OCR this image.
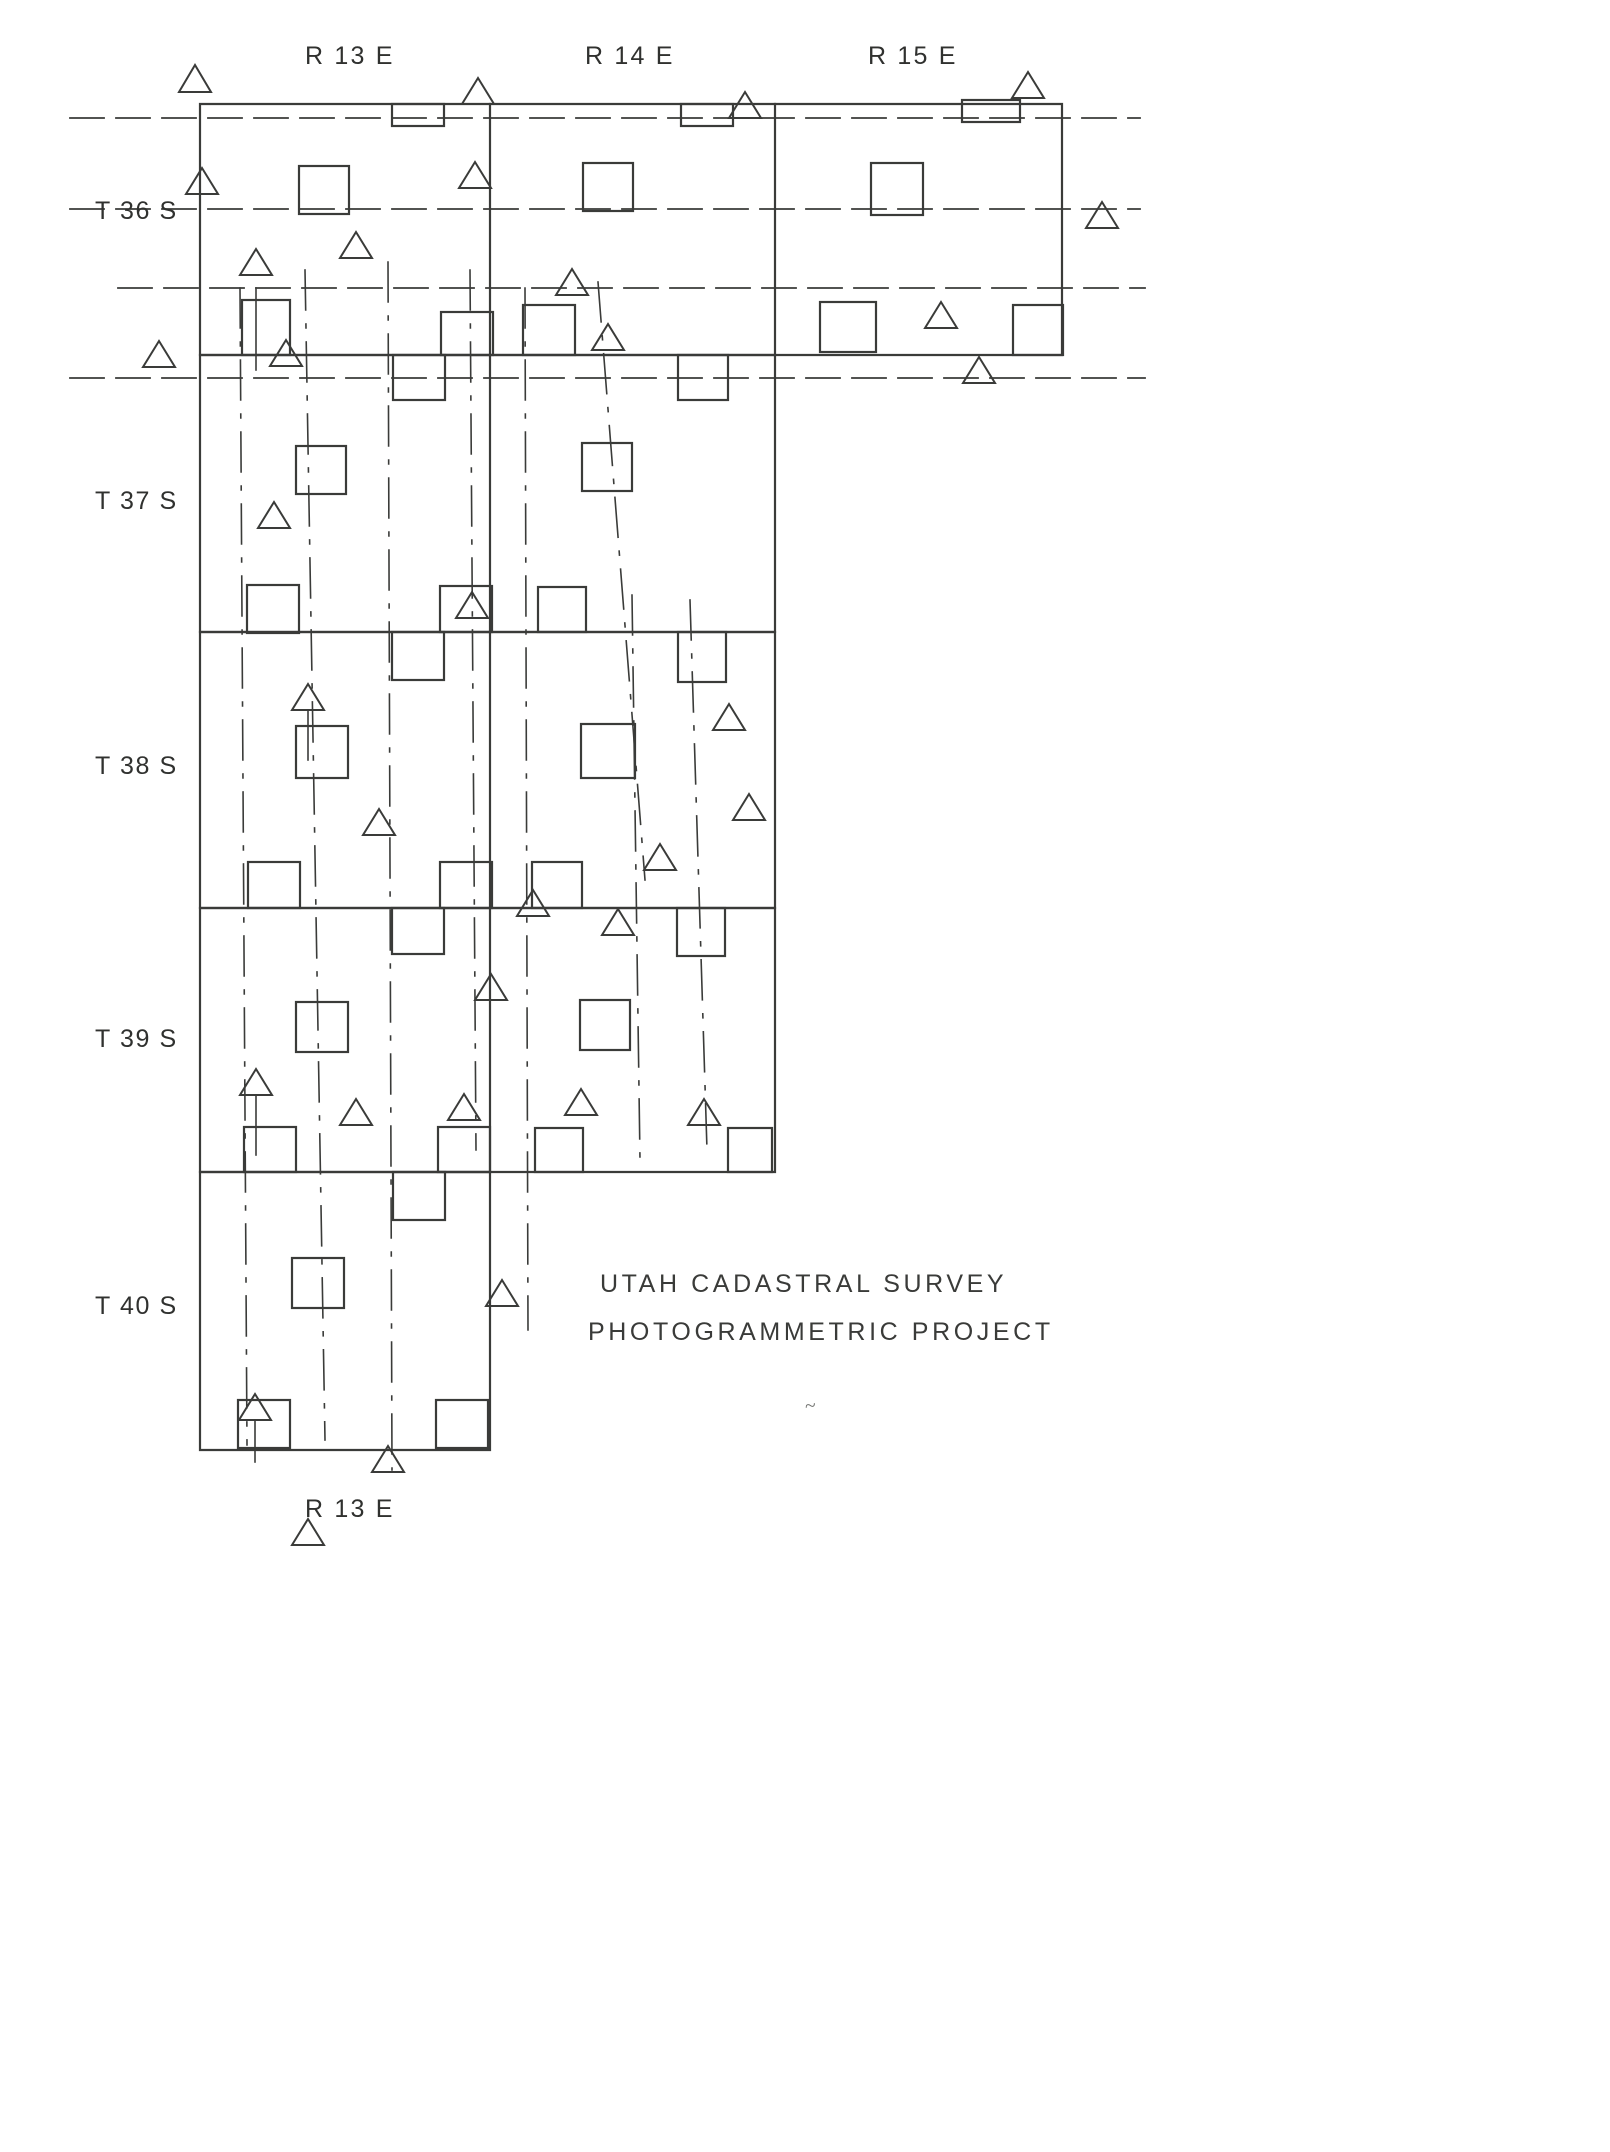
R 13 E	R 14 E	R 15 E
T 36 S
T 37 S
T 38 S
T 39 S
T 40 S
R 13 E
UTAH CADASTRAL SURVEY
PHOTOGRAMMETRIC PROJECT
~
